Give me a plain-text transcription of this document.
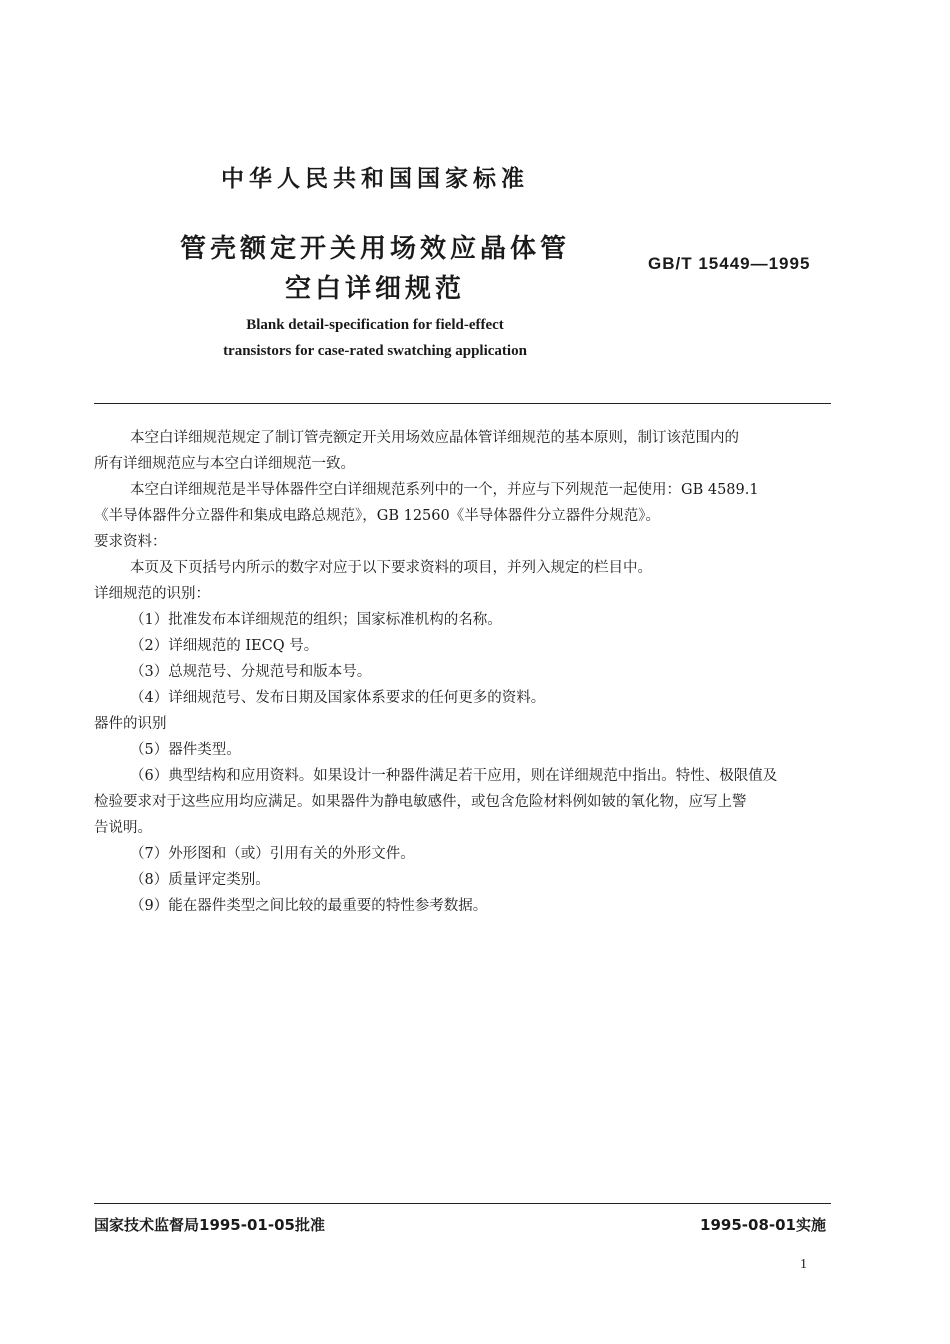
中华人民共和国国家标准
管壳额定开关用场效应晶体管
空白详细规范
GB/T 15449—1995
Blank detail-specification for field-effect
transistors for case-rated swatching application

本空白详细规范规定了制订管壳额定开关用场效应晶体管详细规范的基本原则，制订该范围内的

所有详细规范应与本空白详细规范一致。

本空白详细规范是半导体器件空白详细规范系列中的一个，并应与下列规范一起使用：GB 4589.1

《半导体器件分立器件和集成电路总规范》，GB 12560《半导体器件分立器件分规范》。

要求资料：

本页及下页括号内所示的数字对应于以下要求资料的项目，并列入规定的栏目中。

详细规范的识别：

（1）批准发布本详细规范的组织；国家标准机构的名称。

（2）详细规范的 IECQ 号。

（3）总规范号、分规范号和版本号。

（4）详细规范号、发布日期及国家体系要求的任何更多的资料。

器件的识别

（5）器件类型。

（6）典型结构和应用资料。如果设计一种器件满足若干应用，则在详细规范中指出。特性、极限值及

检验要求对于这些应用均应满足。如果器件为静电敏感件，或包含危险材料例如铍的氧化物，应写上警

告说明。

（7）外形图和（或）引用有关的外形文件。

（8）质量评定类别。

（9）能在器件类型之间比较的最重要的特性参考数据。

国家技术监督局1995-01-05批准	1995-08-01实施
1
